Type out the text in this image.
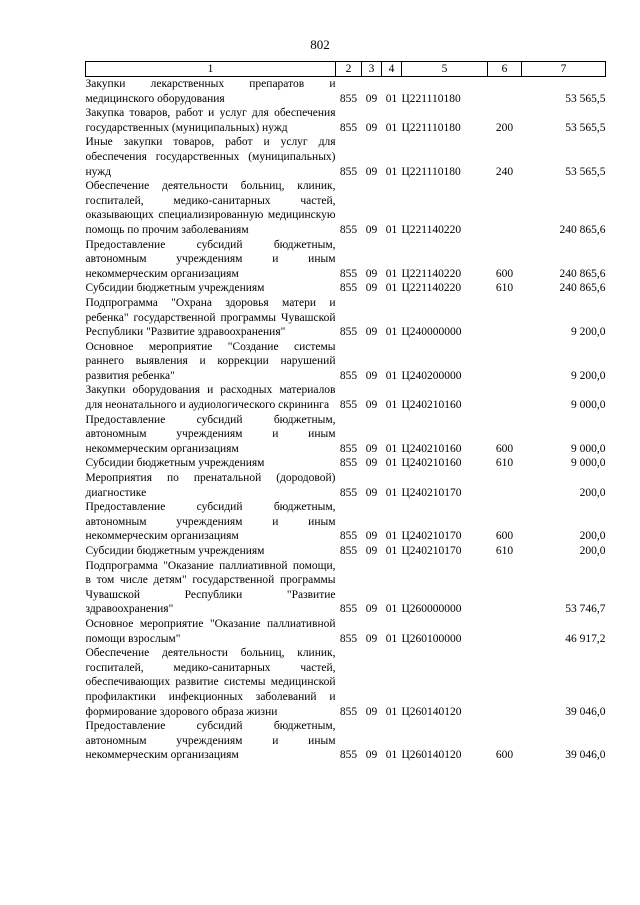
802
1	2	3	4	5	6	7
Закупки лекарственных препаратов и медицинского оборудования	855	09	01	Ц221110180		53 565,5
Закупка товаров, работ и услуг для обеспечения государственных (муниципальных) нужд	855	09	01	Ц221110180	200	53 565,5
Иные закупки товаров, работ и услуг для обеспечения государственных (муниципальных) нужд	855	09	01	Ц221110180	240	53 565,5
Обеспечение деятельности больниц, клиник, госпиталей, медико-санитарных частей, оказывающих специализированную медицинскую помощь по прочим заболеваниям	855	09	01	Ц221140220		240 865,6
Предоставление субсидий бюджетным, автономным учреждениям и иным некоммерческим организациям	855	09	01	Ц221140220	600	240 865,6
Субсидии бюджетным учреждениям	855	09	01	Ц221140220	610	240 865,6
Подпрограмма "Охрана здоровья матери и ребенка" государственной программы Чувашской Республики "Развитие здравоохранения"	855	09	01	Ц240000000		9 200,0
Основное мероприятие "Создание системы раннего выявления и коррекции нарушений развития ребенка"	855	09	01	Ц240200000		9 200,0
Закупки оборудования и расходных материалов для неонатального и аудиологического скрининга	855	09	01	Ц240210160		9 000,0
Предоставление субсидий бюджетным, автономным учреждениям и иным некоммерческим организациям	855	09	01	Ц240210160	600	9 000,0
Субсидии бюджетным учреждениям	855	09	01	Ц240210160	610	9 000,0
Мероприятия по пренатальной (дородовой) диагностике	855	09	01	Ц240210170		200,0
Предоставление субсидий бюджетным, автономным учреждениям и иным некоммерческим организациям	855	09	01	Ц240210170	600	200,0
Субсидии бюджетным учреждениям	855	09	01	Ц240210170	610	200,0
Подпрограмма "Оказание паллиативной помощи, в том числе детям" государственной программы Чувашской Республики "Развитие здравоохранения"	855	09	01	Ц260000000		53 746,7
Основное мероприятие "Оказание паллиативной помощи взрослым"	855	09	01	Ц260100000		46 917,2
Обеспечение деятельности больниц, клиник, госпиталей, медико-санитарных частей, обеспечивающих развитие системы медицинской профилактики инфекционных заболеваний и формирование здорового образа жизни	855	09	01	Ц260140120		39 046,0
Предоставление субсидий бюджетным, автономным учреждениям и иным некоммерческим организациям	855	09	01	Ц260140120	600	39 046,0
